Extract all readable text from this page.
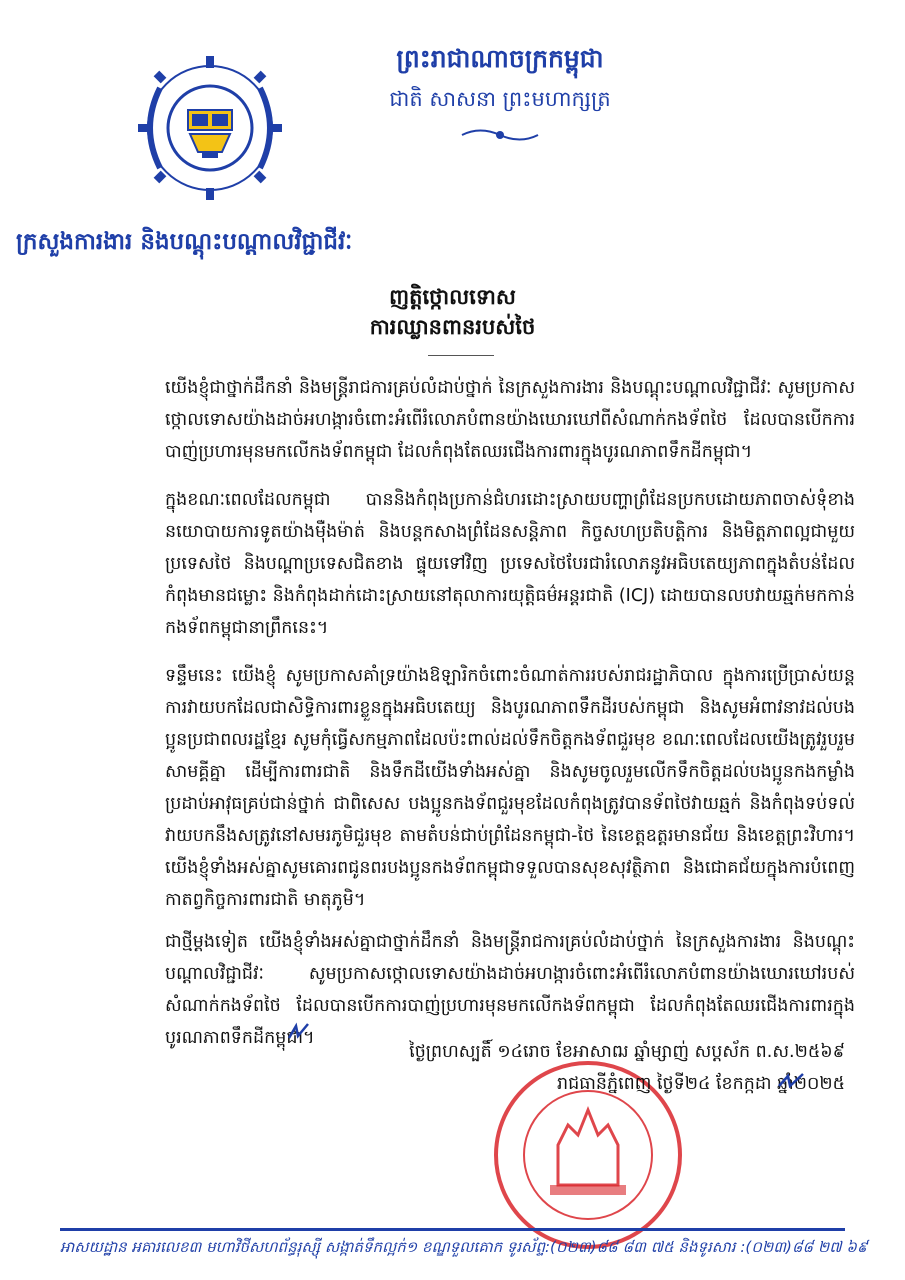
ព្រះរាជាណាចក្រកម្ពុជា
ជាតិ សាសនា ព្រះមហាក្សត្រ
ក្រសួងការងារ និងបណ្តុះបណ្តាលវិជ្ជាជីវៈ
ញត្តិថ្កោលទោស
ការឈ្លានពានរបស់ថៃ

យើងខ្ញុំជាថ្នាក់ដឹកនាំ និងមន្ត្រីរាជការគ្រប់លំដាប់ថ្នាក់ នៃក្រសួងការងារ និងបណ្តុះបណ្តាលវិជ្ជាជីវៈ សូមប្រកាសថ្កោលទោសយ៉ាងដាច់អហង្ការចំពោះអំពើរំលោភបំពានយ៉ាងឃោរឃៅពីសំណាក់កងទ័ពថៃ ដែលបានបើកការបាញ់ប្រហារមុនមកលើកងទ័ពកម្ពុជា ដែលកំពុងតែឈរជើងការពារក្នុងបូរណភាពទឹកដីកម្ពុជា។

ក្នុងខណៈពេលដែលកម្ពុជា បាននិងកំពុងប្រកាន់ជំហរដោះស្រាយបញ្ហាព្រំដែនប្រកបដោយភាពចាស់ទុំខាងនយោបាយការទូតយ៉ាងម៉ឺងម៉ាត់ និងបន្តកសាងព្រំដែនសន្តិភាព កិច្ចសហប្រតិបត្តិការ និងមិត្តភាពល្អជាមួយប្រទេសថៃ និងបណ្តាប្រទេសជិតខាង ផ្ទុយទៅវិញ ប្រទេសថៃបែរជារំលោភនូវអធិបតេយ្យភាពក្នុងតំបន់ដែលកំពុងមានជម្លោះ និងកំពុងដាក់ដោះស្រាយនៅតុលាការយុត្តិធម៌អន្តរជាតិ (ICJ) ដោយបានលបវាយឆ្មក់មកកាន់កងទ័ពកម្ពុជានាព្រឹកនេះ។

ទន្ទឹមនេះ យើងខ្ញុំ សូមប្រកាសគាំទ្រយ៉ាងឱឡារិកចំពោះចំណាត់ការរបស់រាជរដ្ឋាភិបាល ក្នុងការប្រើប្រាស់យន្តការវាយបកដែលជាសិទ្ធិការពារខ្លួនក្នុងអធិបតេយ្យ និងបូរណភាពទឹកដីរបស់កម្ពុជា និងសូមអំពាវនាវដល់បងប្អូនប្រជាពលរដ្ឋខ្មែរ សូមកុំធ្វើសកម្មភាពដែលប៉ះពាល់ដល់ទឹកចិត្តកងទ័ពជួរមុខ ខណៈពេលដែលយើងត្រូវរួបរួមសាមគ្គីគ្នា ដើម្បីការពារជាតិ និងទឹកដីយើងទាំងអស់គ្នា និងសូមចូលរួមលើកទឹកចិត្តដល់បងប្អូនកងកម្លាំងប្រដាប់អាវុធគ្រប់ជាន់ថ្នាក់ ជាពិសេស បងប្អូនកងទ័ពជួរមុខដែលកំពុងត្រូវបានទ័ពថៃវាយឆ្មក់ និងកំពុងទប់ទល់វាយបកនឹងសត្រូវនៅសមរភូមិជួរមុខ តាមតំបន់ជាប់ព្រំដែនកម្ពុជា-ថៃ នៃខេត្តឧត្តរមានជ័យ និងខេត្តព្រះវិហារ។ យើងខ្ញុំទាំងអស់គ្នាសូមគោរពជូនពរបងប្អូនកងទ័ពកម្ពុជាទទួលបានសុខសុវត្ថិភាព និងជោគជ័យក្នុងការបំពេញកាតព្វកិច្ចការពារជាតិ មាតុភូមិ។

ជាថ្មីម្តងទៀត យើងខ្ញុំទាំងអស់គ្នាជាថ្នាក់ដឹកនាំ និងមន្ត្រីរាជការគ្រប់លំដាប់ថ្នាក់ នៃក្រសួងការងារ និងបណ្តុះបណ្តាលវិជ្ជាជីវៈ សូមប្រកាសថ្កោលទោសយ៉ាងដាច់អហង្ការចំពោះអំពើរំលោភបំពានយ៉ាងឃោរឃៅរបស់សំណាក់កងទ័ពថៃ ដែលបានបើកការបាញ់ប្រហារមុនមកលើកងទ័ពកម្ពុជា ដែលកំពុងតែឈរជើងការពារក្នុងបូរណភាពទឹកដីកម្ពុជា។

ថ្ងៃព្រហស្បតិ៍ ១៤រោច ខែអាសាឍ ឆ្នាំម្សាញ់ សប្តស័ក ព.ស.២៥៦៩
រាជធានីភ្នំពេញ ថ្ងៃទី២៤ ខែកក្កដា ឆ្នាំ២០២៥
អាសយដ្ឋាន អគារលេខ៣ មហាវិថីសហព័ន្ធរុស្ស៊ី សង្កាត់ទឹកល្អក់១ ខណ្ឌទួលគោក ទូរស័ព្ទ:(០២៣)៨៨ ៨៣ ៧៥ និងទូរសារ :(០២៣)៨៨ ២៧ ៦៩
